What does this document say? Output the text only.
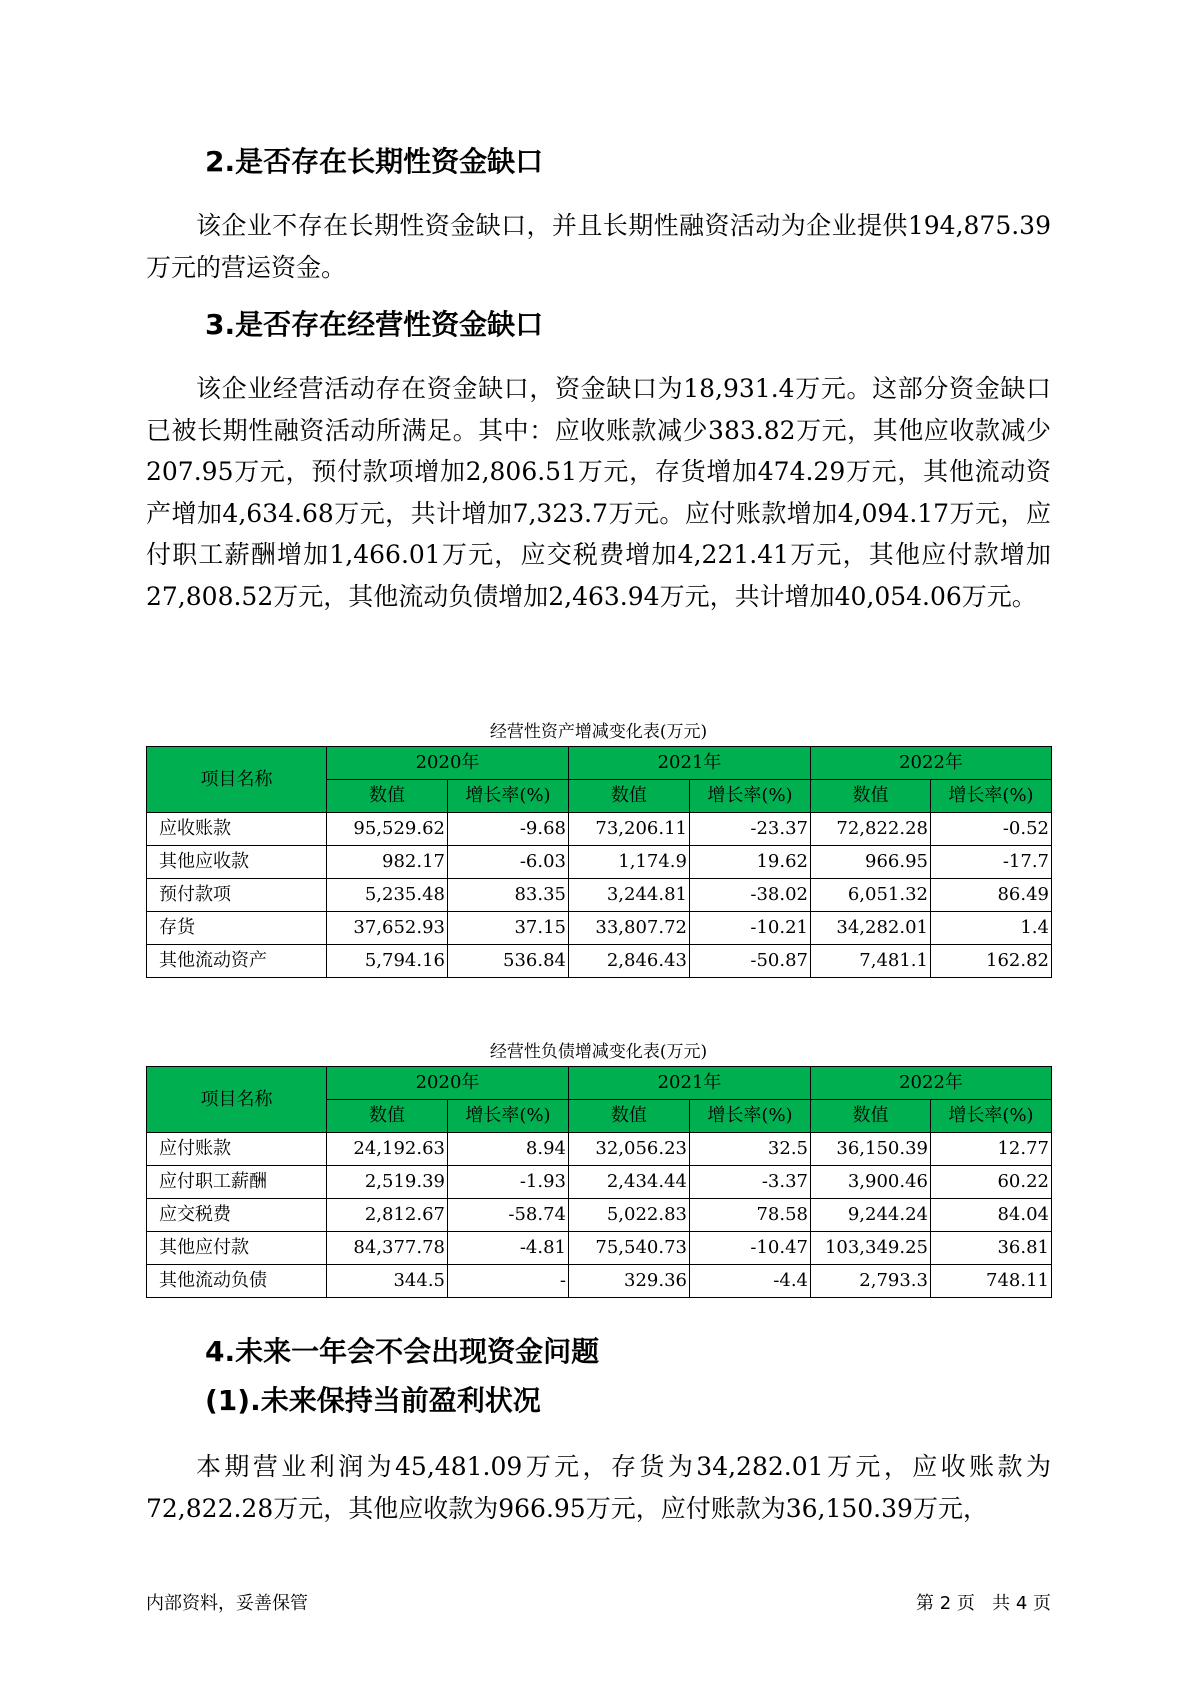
2.是否存在长期性资金缺口

该企业不存在长期性资金缺口，并且长期性融资活动为企业提供194,875.39万元的营运资金。

3.是否存在经营性资金缺口

该企业经营活动存在资金缺口，资金缺口为18,931.4万元。这部分资金缺口已被长期性融资活动所满足。其中：应收账款减少383.82万元，其他应收款减少207.95万元，预付款项增加2,806.51万元，存货增加474.29万元，其他流动资产增加4,634.68万元，共计增加7,323.7万元。应付账款增加4,094.17万元，应付职工薪酬增加1,466.01万元，应交税费增加4,221.41万元，其他应付款增加27,808.52万元，其他流动负债增加2,463.94万元，共计增加40,054.06万元。

经营性资产增减变化表(万元)
项目名称	2020年		2021年		2022年	
	数值	增长率(%)	数值	增长率(%)	数值	增长率(%)
应收账款	95,529.62	-9.68	73,206.11	-23.37	72,822.28	-0.52
其他应收款	982.17	-6.03	1,174.9	19.62	966.95	-17.7
预付款项	5,235.48	83.35	3,244.81	-38.02	6,051.32	86.49
存货	37,652.93	37.15	33,807.72	-10.21	34,282.01	1.4
其他流动资产	5,794.16	536.84	2,846.43	-50.87	7,481.1	162.82
经营性负债增减变化表(万元)
项目名称	2020年		2021年		2022年	
	数值	增长率(%)	数值	增长率(%)	数值	增长率(%)
应付账款	24,192.63	8.94	32,056.23	32.5	36,150.39	12.77
应付职工薪酬	2,519.39	-1.93	2,434.44	-3.37	3,900.46	60.22
应交税费	2,812.67	-58.74	5,022.83	78.58	9,244.24	84.04
其他应付款	84,377.78	-4.81	75,540.73	-10.47	103,349.25	36.81
其他流动负债	344.5	-	329.36	-4.4	2,793.3	748.11
4.未来一年会不会出现资金问题
(1).未来保持当前盈利状况

本期营业利润为45,481.09万元，存货为34,282.01万元，应收账款为72,822.28万元，其他应收款为966.95万元，应付账款为36,150.39万元，

内部资料，妥善保管	第 2 页   共 4 页
